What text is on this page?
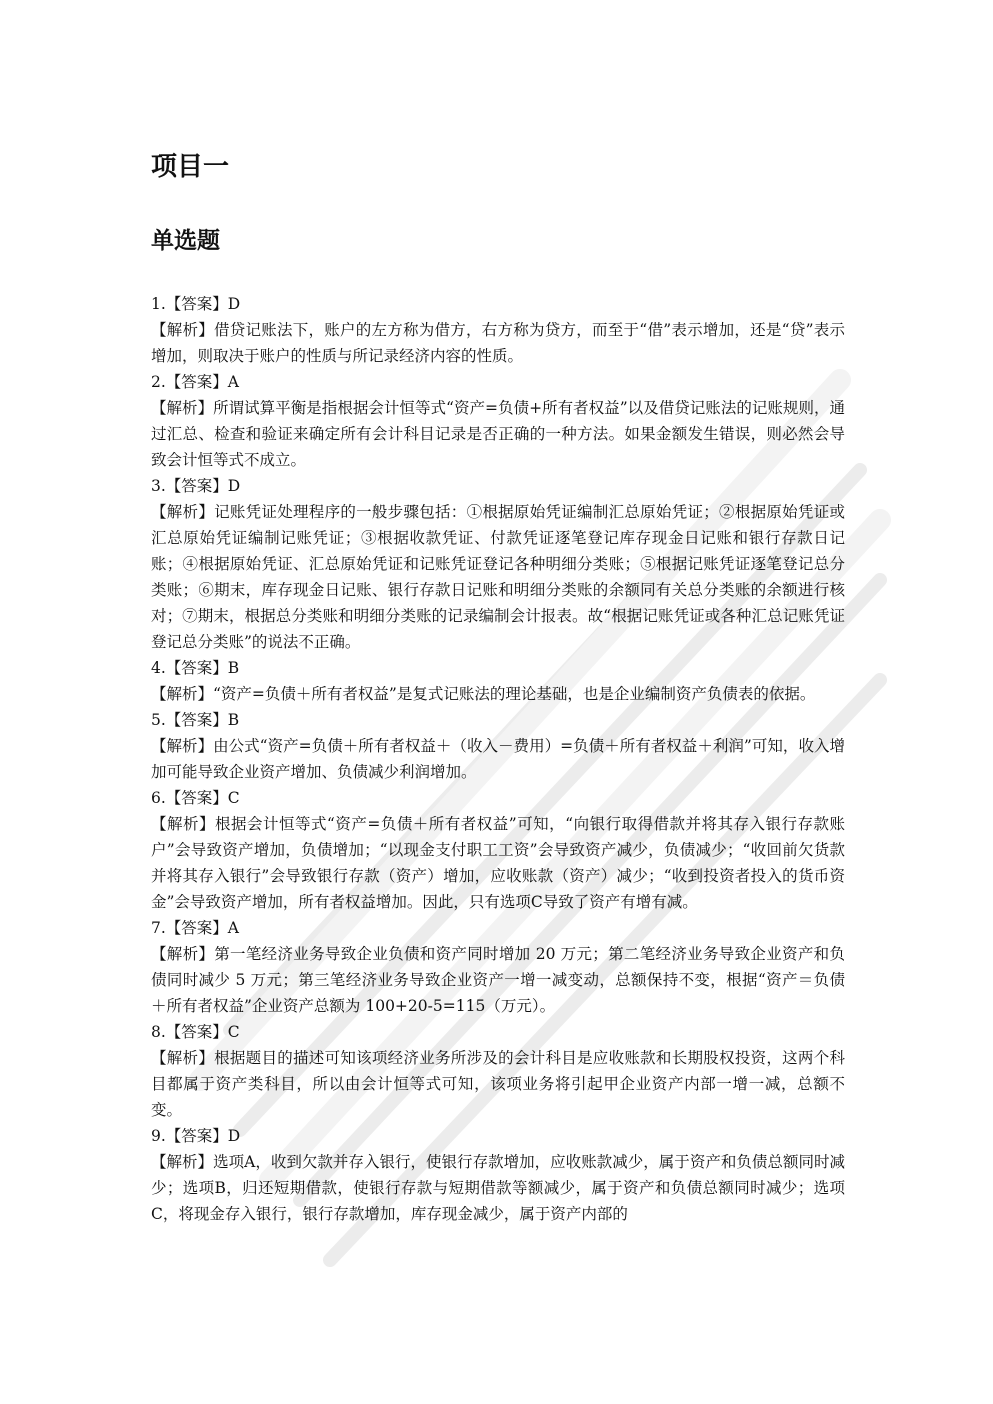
项目一
单选题
1.【答案】D
【解析】借贷记账法下，账户的左方称为借方，右方称为贷方，而至于“借”表示增加，还是“贷”表示增加，则取决于账户的性质与所记录经济内容的性质。
2.【答案】A
【解析】所谓试算平衡是指根据会计恒等式“资产=负债+所有者权益”以及借贷记账法的记账规则，通过汇总、检查和验证来确定所有会计科目记录是否正确的一种方法。如果金额发生错误，则必然会导致会计恒等式不成立。
3.【答案】D
【解析】记账凭证处理程序的一般步骤包括：①根据原始凭证编制汇总原始凭证；②根据原始凭证或汇总原始凭证编制记账凭证；③根据收款凭证、付款凭证逐笔登记库存现金日记账和银行存款日记账；④根据原始凭证、汇总原始凭证和记账凭证登记各种明细分类账；⑤根据记账凭证逐笔登记总分类账；⑥期末，库存现金日记账、银行存款日记账和明细分类账的余额同有关总分类账的余额进行核对；⑦期末，根据总分类账和明细分类账的记录编制会计报表。故“根据记账凭证或各种汇总记账凭证登记总分类账”的说法不正确。
4.【答案】B
【解析】“资产=负债＋所有者权益”是复式记账法的理论基础，也是企业编制资产负债表的依据。
5.【答案】B
【解析】由公式“资产=负债＋所有者权益＋（收入－费用）=负债＋所有者权益＋利润”可知，收入增加可能导致企业资产增加、负债减少利润增加。
6.【答案】C
【解析】根据会计恒等式“资产=负债＋所有者权益”可知，“向银行取得借款并将其存入银行存款账户”会导致资产增加，负债增加；“以现金支付职工工资”会导致资产减少，负债减少；“收回前欠货款并将其存入银行”会导致银行存款（资产）增加，应收账款（资产）减少；“收到投资者投入的货币资金”会导致资产增加，所有者权益增加。因此，只有选项C导致了资产有增有减。
7.【答案】A
【解析】第一笔经济业务导致企业负债和资产同时增加 20 万元；第二笔经济业务导致企业资产和负债同时减少 5 万元；第三笔经济业务导致企业资产一增一减变动，总额保持不变，根据“资产＝负债＋所有者权益”企业资产总额为 100+20-5=115（万元）。
8.【答案】C
【解析】根据题目的描述可知该项经济业务所涉及的会计科目是应收账款和长期股权投资，这两个科目都属于资产类科目，所以由会计恒等式可知，该项业务将引起甲企业资产内部一增一减，总额不变。
9.【答案】D
【解析】选项A，收到欠款并存入银行，使银行存款增加，应收账款减少，属于资产和负债总额同时减少；选项B，归还短期借款，使银行存款与短期借款等额减少，属于资产和负债总额同时减少；选项C，将现金存入银行，银行存款增加，库存现金减少，属于资产内部的
